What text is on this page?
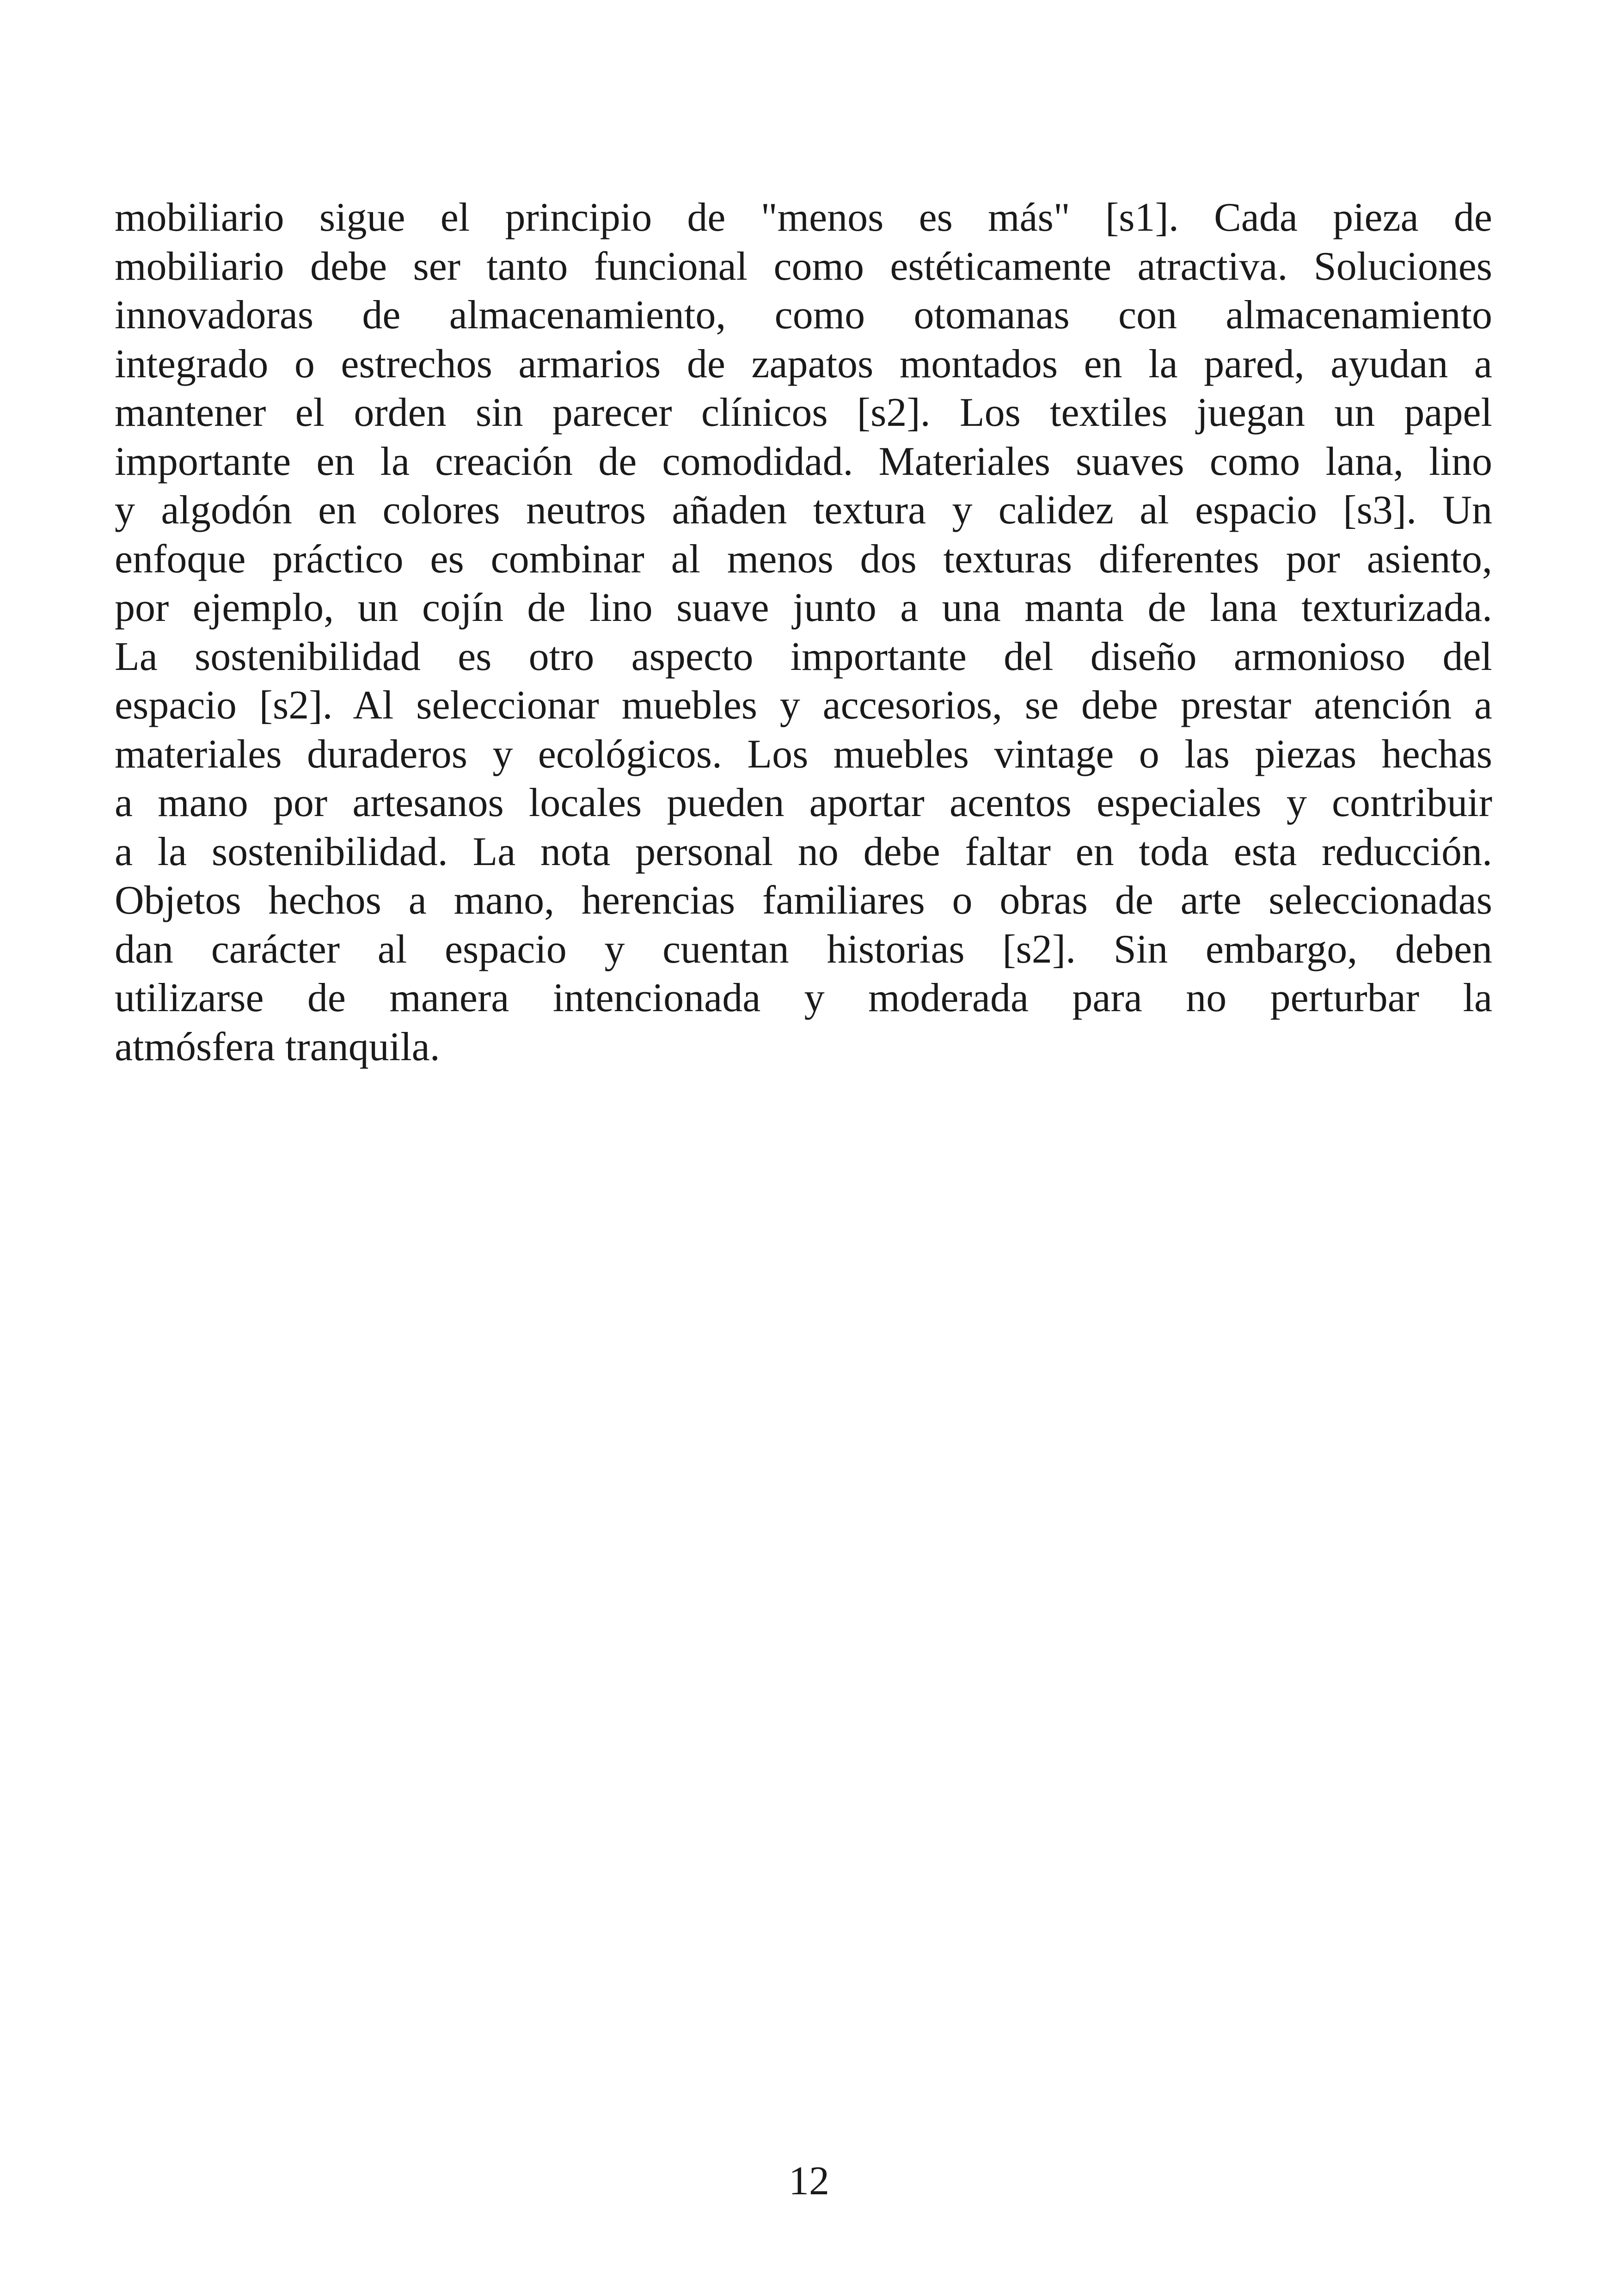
mobiliario sigue el principio de "menos es más" [s1]. Cada pieza de
mobiliario debe ser tanto funcional como estéticamente atractiva. Soluciones
innovadoras de almacenamiento, como otomanas con almacenamiento
integrado o estrechos armarios de zapatos montados en la pared, ayudan a
mantener el orden sin parecer clínicos [s2]. Los textiles juegan un papel
importante en la creación de comodidad. Materiales suaves como lana, lino
y algodón en colores neutros añaden textura y calidez al espacio [s3]. Un
enfoque práctico es combinar al menos dos texturas diferentes por asiento,
por ejemplo, un cojín de lino suave junto a una manta de lana texturizada.
La sostenibilidad es otro aspecto importante del diseño armonioso del
espacio [s2]. Al seleccionar muebles y accesorios, se debe prestar atención a
materiales duraderos y ecológicos. Los muebles vintage o las piezas hechas
a mano por artesanos locales pueden aportar acentos especiales y contribuir
a la sostenibilidad. La nota personal no debe faltar en toda esta reducción.
Objetos hechos a mano, herencias familiares o obras de arte seleccionadas
dan carácter al espacio y cuentan historias [s2]. Sin embargo, deben
utilizarse de manera intencionada y moderada para no perturbar la
atmósfera tranquila.
12
